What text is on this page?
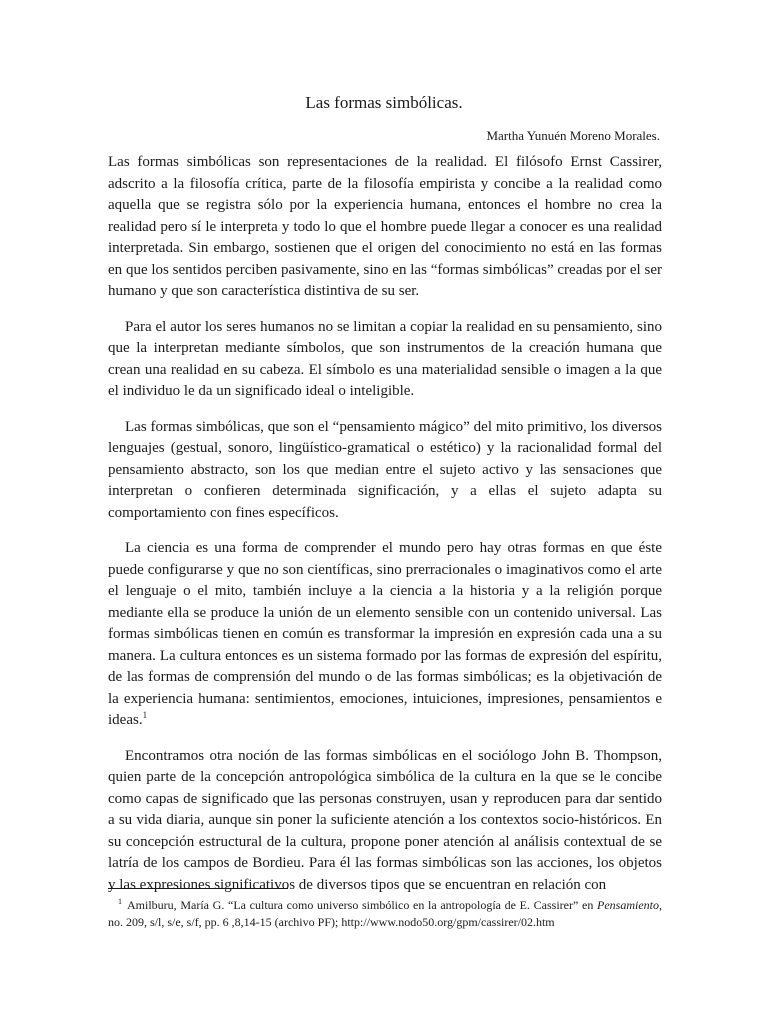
Las formas simbólicas.
Martha Yunuén Moreno Morales.

Las formas simbólicas son representaciones de la realidad. El filósofo Ernst Cassirer, adscrito a la filosofía crítica, parte de la filosofía empirista y concibe a la realidad como aquella que se registra sólo por la experiencia humana, entonces el hombre no crea la realidad pero sí le interpreta y todo lo que el hombre puede llegar a conocer es una realidad interpretada. Sin embargo, sostienen que el origen del conocimiento no está en las formas en que los sentidos perciben pasivamente, sino en las “formas simbólicas” creadas por el ser humano y que son característica distintiva de su ser.

Para el autor los seres humanos no se limitan a copiar la realidad en su pensamiento, sino que la interpretan mediante símbolos, que son instrumentos de la creación humana que crean una realidad en su cabeza. El símbolo es una materialidad sensible o imagen a la que el individuo le da un significado ideal o inteligible.

Las formas simbólicas, que son el “pensamiento mágico” del mito primitivo, los diversos lenguajes (gestual, sonoro, lingüístico-gramatical o estético) y la racionalidad formal del pensamiento abstracto, son los que median entre el sujeto activo y las sensaciones que interpretan o confieren determinada significación, y a ellas el sujeto adapta su comportamiento con fines específicos.

La ciencia es una forma de comprender el mundo pero hay otras formas en que éste puede configurarse y que no son científicas, sino prerracionales o imaginativos como el arte el lenguaje o el mito, también incluye a la ciencia a la historia y a la religión porque mediante ella se produce la unión de un elemento sensible con un contenido universal. Las formas simbólicas tienen en común es transformar la impresión en expresión cada una a su manera. La cultura entonces es un sistema formado por las formas de expresión del espíritu, de las formas de comprensión del mundo o de las formas simbólicas; es la objetivación de la experiencia humana: sentimientos, emociones, intuiciones, impresiones, pensamientos e ideas.$^1$

Encontramos otra noción de las formas simbólicas en el sociólogo John B. Thompson, quien parte de la concepción antropológica simbólica de la cultura en la que se le concibe como capas de significado que las personas construyen, usan y reproducen para dar sentido a su vida diaria, aunque sin poner la suficiente atención a los contextos socio-históricos. En su concepción estructural de la cultura, propone poner atención al análisis contextual de se latría de los campos de Bordieu. Para él las formas simbólicas son las acciones, los objetos y las expresiones significativos de diversos tipos que se encuentran en relación con

$^1$ Amilburu, María G. “La cultura como universo simbólico en la antropología de E. Cassirer” en Pensamiento, no. 209, s/l, s/e, s/f, pp. 6 ,8,14-15 (archivo PF); http://www.nodo50.org/gpm/cassirer/02.htm
